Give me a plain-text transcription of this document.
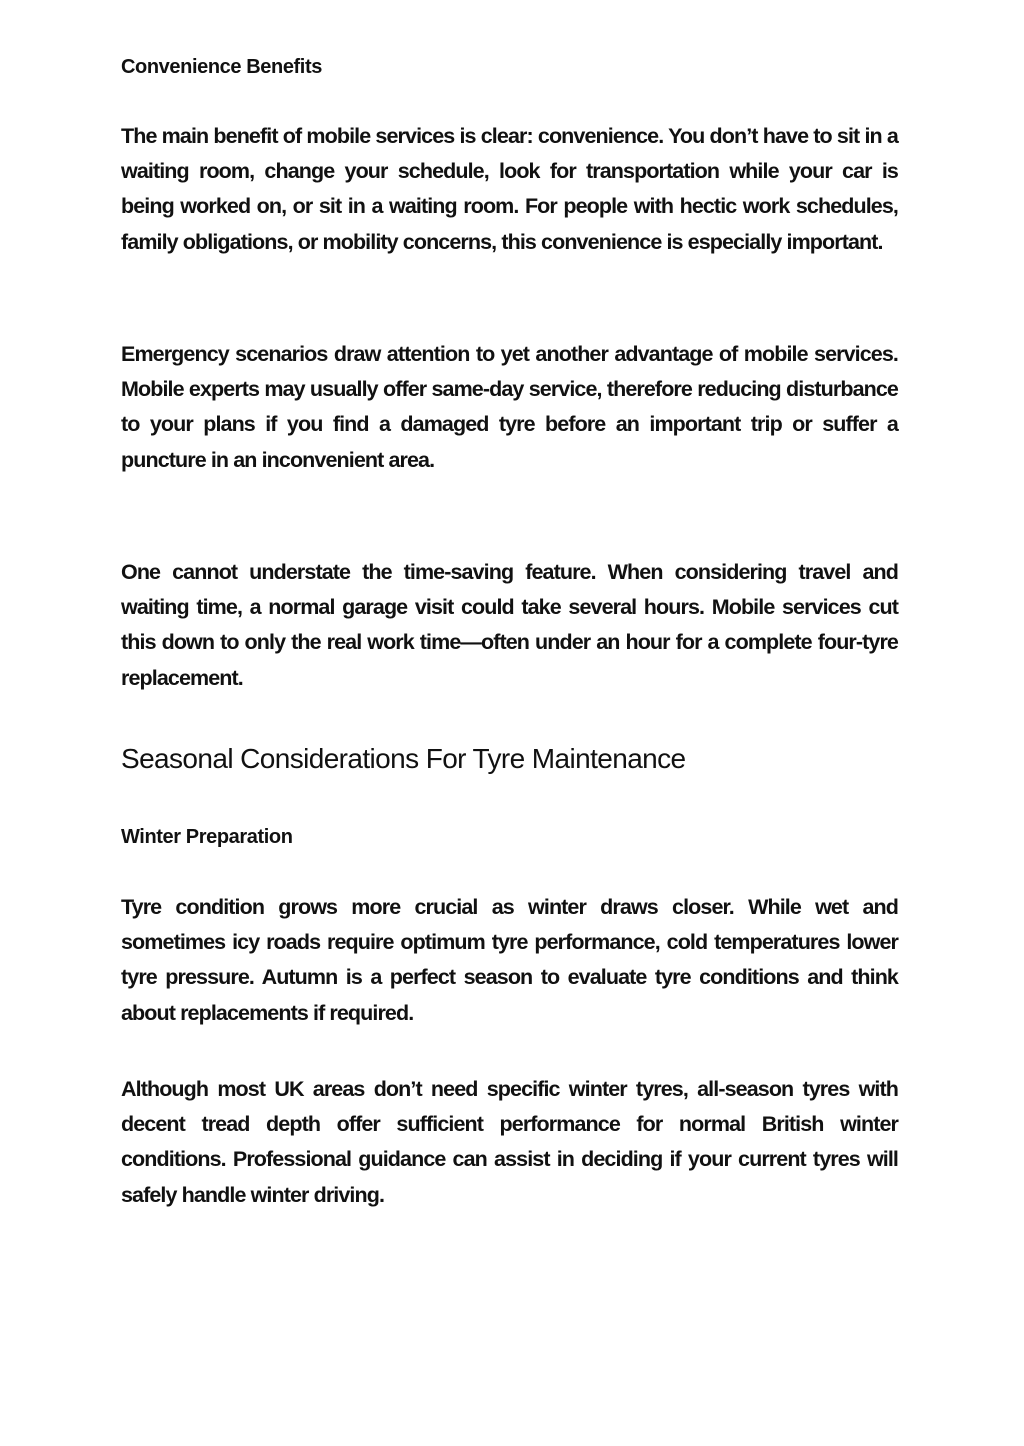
Convenience Benefits

The main benefit of mobile services is clear: convenience. You don’t have to sit in a waiting room, change your schedule, look for transportation while your car is being worked on, or sit in a waiting room. For people with hectic work schedules, family obligations, or mobility concerns, this convenience is especially important.

Emergency scenarios draw attention to yet another advantage of mobile services. Mobile experts may usually offer same-day service, therefore reducing disturbance to your plans if you find a damaged tyre before an important trip or suffer a puncture in an inconvenient area.

One cannot understate the time-saving feature. When considering travel and waiting time, a normal garage visit could take several hours. Mobile services cut this down to only the real work time—often under an hour for a complete four-tyre replacement.

Seasonal Considerations For Tyre Maintenance
Winter Preparation

Tyre condition grows more crucial as winter draws closer. While wet and sometimes icy roads require optimum tyre performance, cold temperatures lower tyre pressure. Autumn is a perfect season to evaluate tyre conditions and think about replacements if required.

Although most UK areas don’t need specific winter tyres, all-season tyres with decent tread depth offer sufficient performance for normal British winter conditions. Professional guidance can assist in deciding if your current tyres will safely handle winter driving.
